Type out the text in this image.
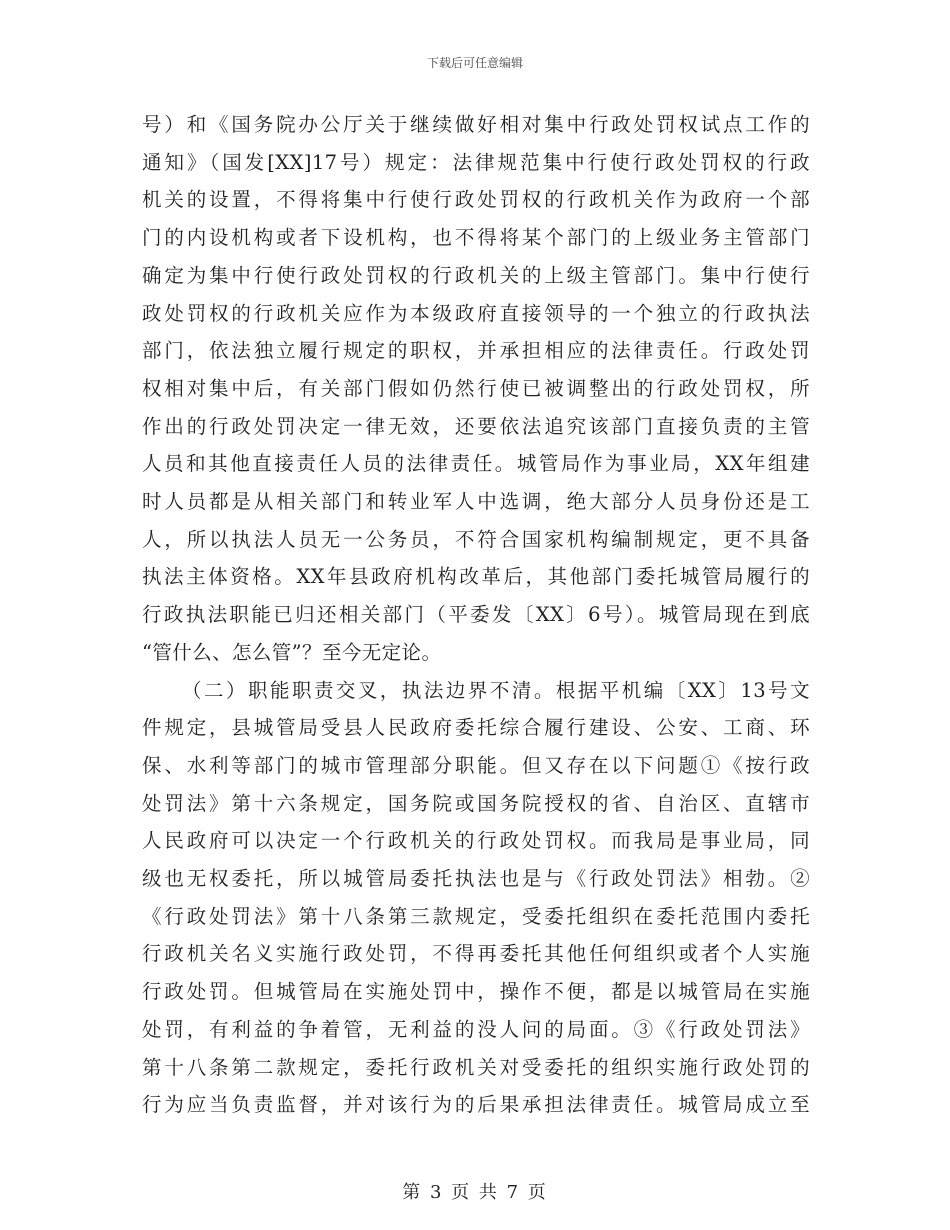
下载后可任意编辑

号）和《国务院办公厅关于继续做好相对集中行政处罚权试点工作的
通知》（国发[XX]17号）规定：法律规范集中行使行政处罚权的行政
机关的设置，不得将集中行使行政处罚权的行政机关作为政府一个部
门的内设机构或者下设机构，也不得将某个部门的上级业务主管部门
确定为集中行使行政处罚权的行政机关的上级主管部门。集中行使行
政处罚权的行政机关应作为本级政府直接领导的一个独立的行政执法
部门，依法独立履行规定的职权，并承担相应的法律责任。行政处罚
权相对集中后，有关部门假如仍然行使已被调整出的行政处罚权，所
作出的行政处罚决定一律无效，还要依法追究该部门直接负责的主管
人员和其他直接责任人员的法律责任。城管局作为事业局，XX年组建
时人员都是从相关部门和转业军人中选调，绝大部分人员身份还是工
人，所以执法人员无一公务员，不符合国家机构编制规定，更不具备
执法主体资格。XX年县政府机构改革后，其他部门委托城管局履行的
行政执法职能已归还相关部门（平委发〔XX〕6号）。城管局现在到底
“管什么、怎么管”？至今无定论。

（二）职能职责交叉，执法边界不清。根据平机编〔XX〕13号文
件规定，县城管局受县人民政府委托综合履行建设、公安、工商、环
保、水利等部门的城市管理部分职能。但又存在以下问题①《按行政
处罚法》第十六条规定，国务院或国务院授权的省、自治区、直辖市
人民政府可以决定一个行政机关的行政处罚权。而我局是事业局，同
级也无权委托，所以城管局委托执法也是与《行政处罚法》相勃。②
《行政处罚法》第十八条第三款规定，受委托组织在委托范围内委托
行政机关名义实施行政处罚，不得再委托其他任何组织或者个人实施
行政处罚。但城管局在实施处罚中，操作不便，都是以城管局在实施
处罚，有利益的争着管，无利益的没人问的局面。③《行政处罚法》
第十八条第二款规定，委托行政机关对受委托的组织实施行政处罚的
行为应当负责监督，并对该行为的后果承担法律责任。城管局成立至

第 3 页 共 7 页
